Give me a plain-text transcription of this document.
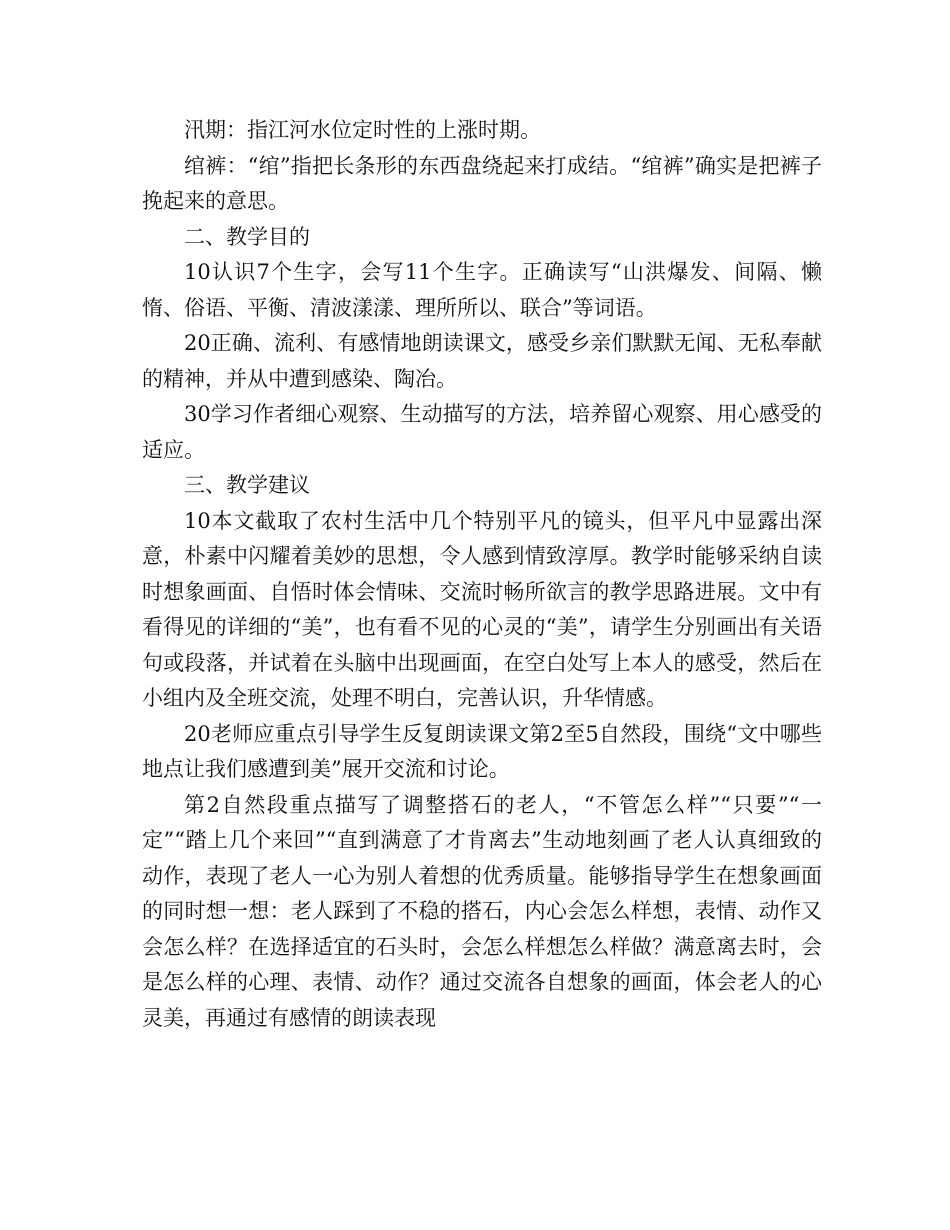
汛期：指江河水位定时性的上涨时期。

绾裤：“绾”指把长条形的东西盘绕起来打成结。“绾裤”确实是把裤子挽起来的意思。

二、教学目的

10认识7个生字，会写11个生字。正确读写“山洪爆发、间隔、懒惰、俗语、平衡、清波漾漾、理所所以、联合”等词语。

20正确、流利、有感情地朗读课文，感受乡亲们默默无闻、无私奉献的精神，并从中遭到感染、陶冶。

30学习作者细心观察、生动描写的方法，培养留心观察、用心感受的适应。

三、教学建议

10本文截取了农村生活中几个特别平凡的镜头，但平凡中显露出深意，朴素中闪耀着美妙的思想，令人感到情致淳厚。教学时能够采纳自读时想象画面、自悟时体会情味、交流时畅所欲言的教学思路进展。文中有看得见的详细的“美”，也有看不见的心灵的“美”，请学生分别画出有关语句或段落，并试着在头脑中出现画面，在空白处写上本人的感受，然后在小组内及全班交流，处理不明白，完善认识，升华情感。

20老师应重点引导学生反复朗读课文第2至5自然段，围绕“文中哪些地点让我们感遭到美”展开交流和讨论。

第2自然段重点描写了调整搭石的老人，“不管怎么样”“只要”“一定”“踏上几个来回”“直到满意了才肯离去”生动地刻画了老人认真细致的动作，表现了老人一心为别人着想的优秀质量。能够指导学生在想象画面的同时想一想：老人踩到了不稳的搭石，内心会怎么样想，表情、动作又会怎么样？在选择适宜的石头时，会怎么样想怎么样做？满意离去时，会是怎么样的心理、表情、动作？通过交流各自想象的画面，体会老人的心灵美，再通过有感情的朗读表现
